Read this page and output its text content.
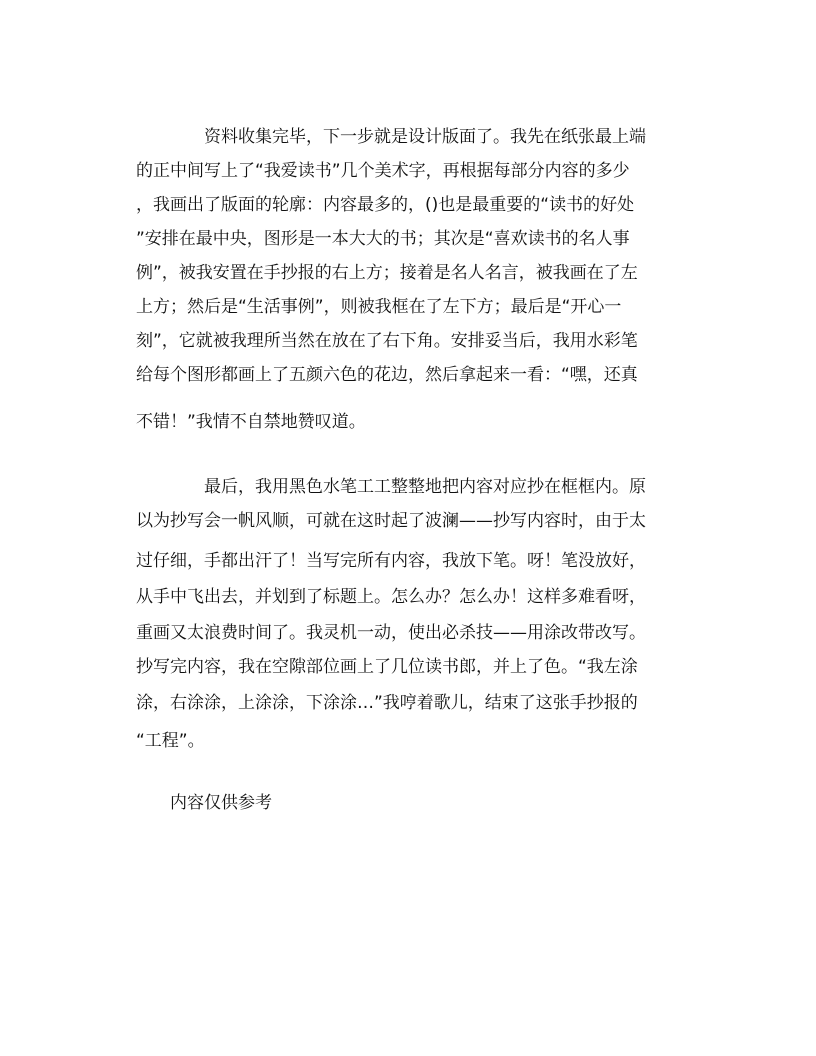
资料收集完毕，下一步就是设计版面了。我先在纸张最上端
的正中间写上了“我爱读书”几个美术字，再根据每部分内容的多少
，我画出了版面的轮廓：内容最多的，()也是最重要的“读书的好处
”安排在最中央，图形是一本大大的书；其次是“喜欢读书的名人事
例”，被我安置在手抄报的右上方；接着是名人名言，被我画在了左
上方；然后是“生活事例”，则被我框在了左下方；最后是“开心一
刻”，它就被我理所当然在放在了右下角。安排妥当后，我用水彩笔
给每个图形都画上了五颜六色的花边，然后拿起来一看：“嘿，还真
不错！”我情不自禁地赞叹道。
最后，我用黑色水笔工工整整地把内容对应抄在框框内。原
以为抄写会一帆风顺，可就在这时起了波澜——抄写内容时，由于太
过仔细，手都出汗了！当写完所有内容，我放下笔。呀！笔没放好，
从手中飞出去，并划到了标题上。怎么办？怎么办！这样多难看呀，
重画又太浪费时间了。我灵机一动，使出必杀技——用涂改带改写。
抄写完内容，我在空隙部位画上了几位读书郎，并上了色。“我左涂
涂，右涂涂，上涂涂，下涂涂…”我哼着歌儿，结束了这张手抄报的
“工程”。
内容仅供参考
